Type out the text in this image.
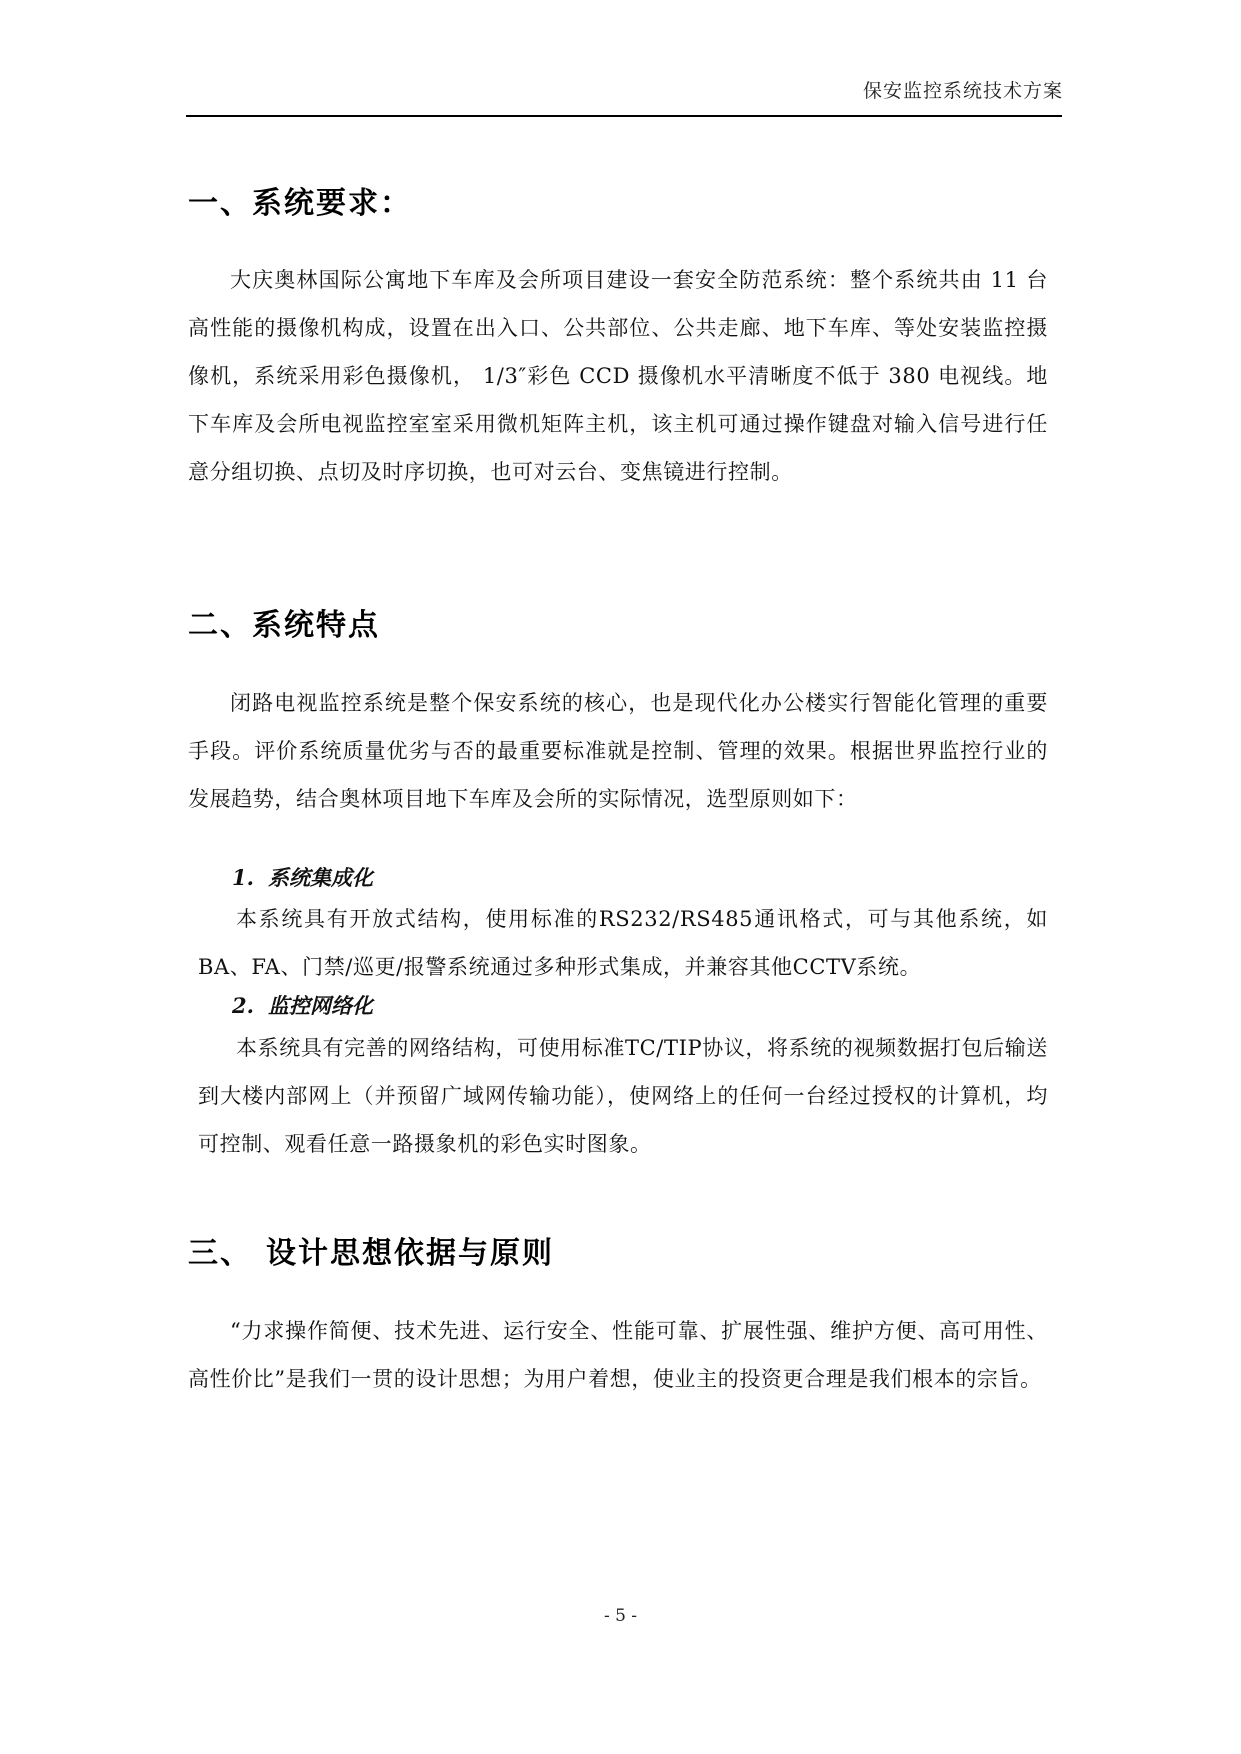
保安监控系统技术方案
一、系统要求：

大庆奥林国际公寓地下车库及会所项目建设一套安全防范系统：整个系统共由 11 台高性能的摄像机构成，设置在出入口、公共部位、公共走廊、地下车库、等处安装监控摄像机，系统采用彩色摄像机， 1/3″彩色 CCD 摄像机水平清晰度不低于 380 电视线。地下车库及会所电视监控室室采用微机矩阵主机，该主机可通过操作键盘对输入信号进行任意分组切换、点切及时序切换，也可对云台、变焦镜进行控制。

二、系统特点

闭路电视监控系统是整个保安系统的核心，也是现代化办公楼实行智能化管理的重要手段。评价系统质量优劣与否的最重要标准就是控制、管理的效果。根据世界监控行业的发展趋势，结合奥林项目地下车库及会所的实际情况，选型原则如下：

1. 系统集成化

本系统具有开放式结构，使用标准的RS232/RS485通讯格式，可与其他系统，如BA、FA、门禁/巡更/报警系统通过多种形式集成，并兼容其他CCTV系统。

2. 监控网络化

本系统具有完善的网络结构，可使用标准TC/TIP协议，将系统的视频数据打包后输送到大楼内部网上（并预留广域网传输功能），使网络上的任何一台经过授权的计算机，均可控制、观看任意一路摄象机的彩色实时图象。

三、 设计思想依据与原则

“力求操作简便、技术先进、运行安全、性能可靠、扩展性强、维护方便、高可用性、高性价比”是我们一贯的设计思想；为用户着想，使业主的投资更合理是我们根本的宗旨。

- 5 -
